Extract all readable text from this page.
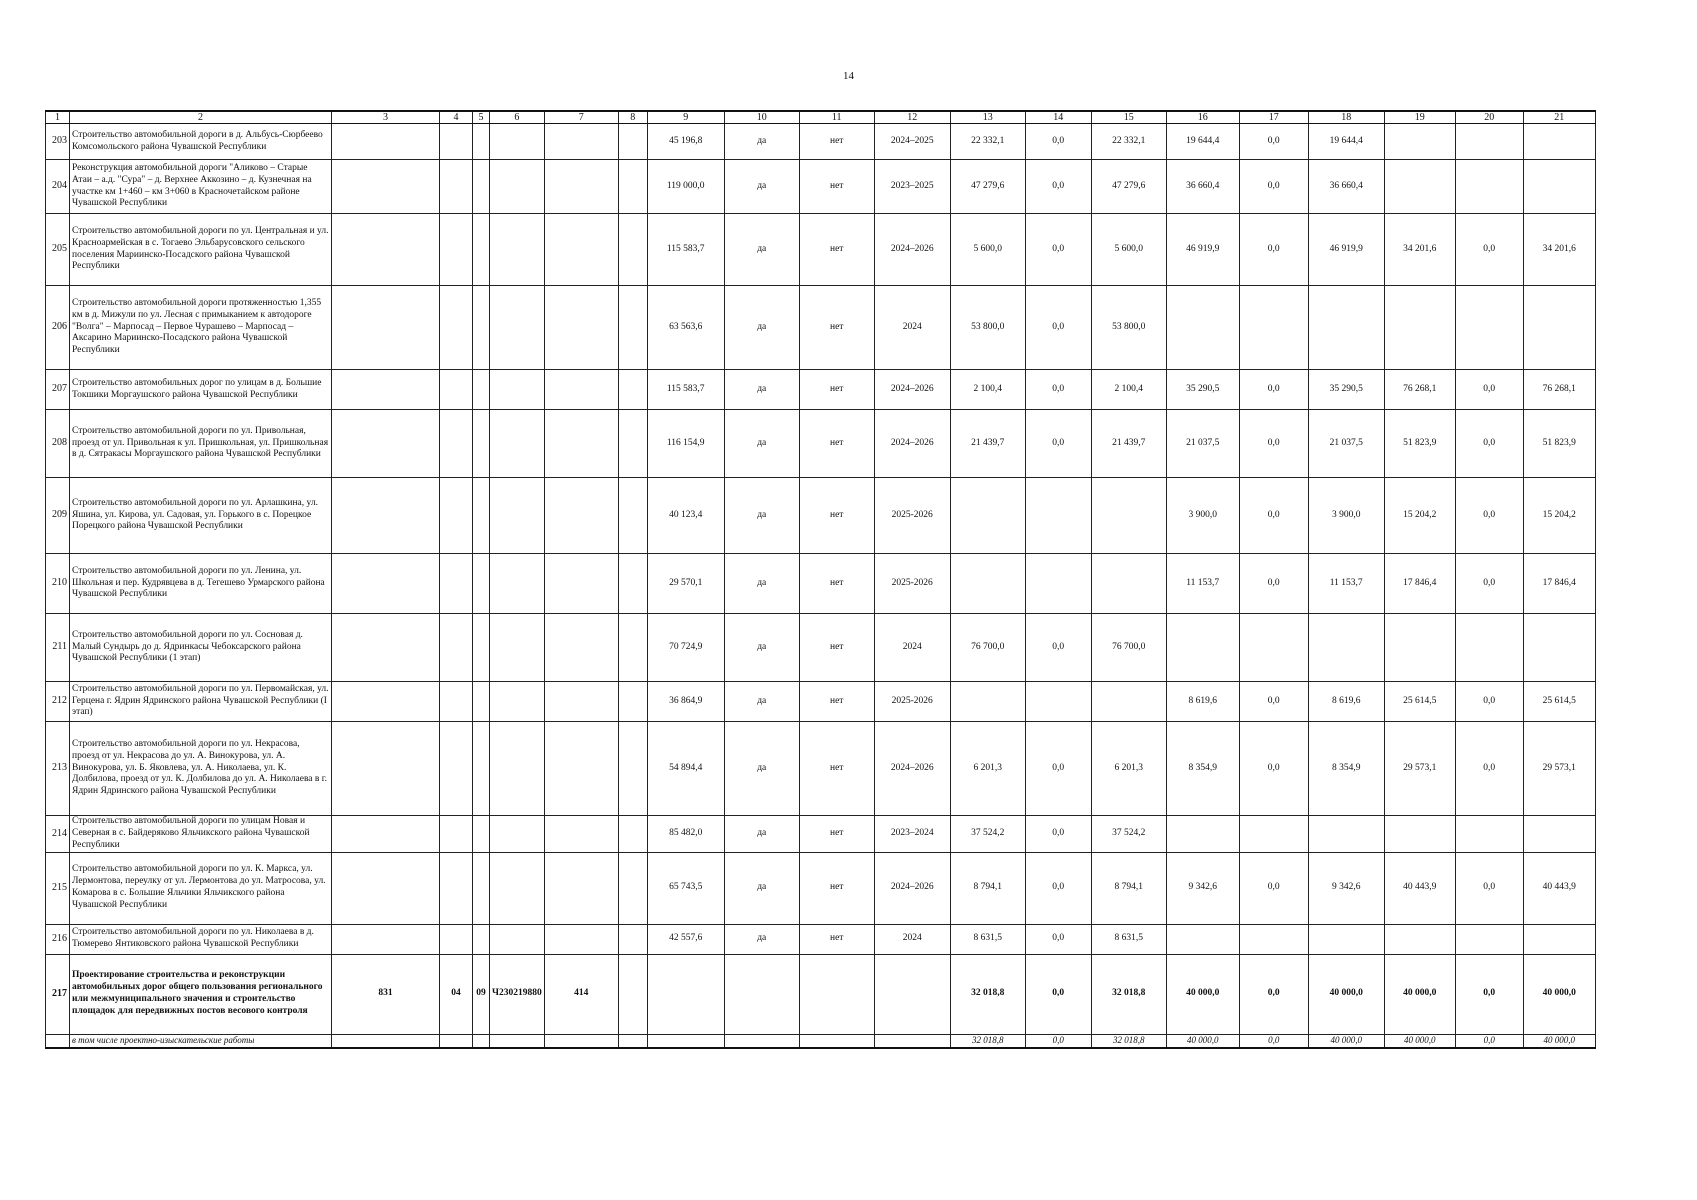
14
1	2	3	4	5	6	7	8	9	10	11	12	13	14	15	16	17	18	19	20	21
203	Строительство автомобильной дороги в д. Альбусь-Сюрбеево Комсомольского района Чувашской Республики							45 196,8	да	нет	2024–2025	22 332,1	0,0	22 332,1	19 644,4	0,0	19 644,4			
204	Реконструкция автомобильной дороги "Аликово – Старые Атаи – а.д. "Сура" – д. Верхнее Аккозино – д. Кузнечная на участке км 1+460 – км 3+060 в Красночетайском районе Чувашской Республики							119 000,0	да	нет	2023–2025	47 279,6	0,0	47 279,6	36 660,4	0,0	36 660,4			
205	Строительство автомобильной дороги по ул. Центральная и ул. Красноармейская в с. Тогаево Эльбарусовского сельского поселения Мариинско-Посадского района Чувашской Республики							115 583,7	да	нет	2024–2026	5 600,0	0,0	5 600,0	46 919,9	0,0	46 919,9	34 201,6	0,0	34 201,6
206	Строительство автомобильной дороги протяженностью 1,355 км в д. Мижули по ул. Лесная с примыканием к автодороге "Волга" – Марпосад – Первое Чурашево – Марпосад – Аксарино Мариинско-Посадского района Чувашской Республики							63 563,6	да	нет	2024	53 800,0	0,0	53 800,0						
207	Строительство автомобильных дорог по улицам в д. Большие Токшики Моргаушского района Чувашской Республики							115 583,7	да	нет	2024–2026	2 100,4	0,0	2 100,4	35 290,5	0,0	35 290,5	76 268,1	0,0	76 268,1
208	Строительство автомобильной дороги по ул. Привольная, проезд от ул. Привольная к ул. Пришкольная, ул. Пришкольная в д. Сятракасы Моргаушского района Чувашской Республики							116 154,9	да	нет	2024–2026	21 439,7	0,0	21 439,7	21 037,5	0,0	21 037,5	51 823,9	0,0	51 823,9
209	Строительство автомобильной дороги по ул. Арлашкина, ул. Яшина, ул. Кирова, ул. Садовая, ул. Горького в с. Порецкое Порецкого района Чувашской Республики							40 123,4	да	нет	2025-2026				3 900,0	0,0	3 900,0	15 204,2	0,0	15 204,2
210	Строительство автомобильной дороги по ул. Ленина, ул. Школьная и пер. Кудрявцева в д. Тегешево Урмарского района Чувашской Республики							29 570,1	да	нет	2025-2026				11 153,7	0,0	11 153,7	17 846,4	0,0	17 846,4
211	Строительство автомобильной дороги по ул. Сосновая д. Малый Сундырь до д. Ядринкасы Чебоксарского района Чувашской Республики (1 этап)							70 724,9	да	нет	2024	76 700,0	0,0	76 700,0						
212	Строительство автомобильной дороги по ул. Первомайская, ул. Герцена г. Ядрин Ядринского района Чувашской Республики (I этап)							36 864,9	да	нет	2025-2026				8 619,6	0,0	8 619,6	25 614,5	0,0	25 614,5
213	Строительство автомобильной дороги по ул. Некрасова, проезд от ул. Некрасова до ул. А. Винокурова, ул. А. Винокурова, ул. Б. Яковлева, ул. А. Николаева, ул. К. Долбилова, проезд от ул. К. Долбилова до ул. А. Николаева в г. Ядрин Ядринского района Чувашской Республики							54 894,4	да	нет	2024–2026	6 201,3	0,0	6 201,3	8 354,9	0,0	8 354,9	29 573,1	0,0	29 573,1
214	Строительство автомобильной дороги по улицам Новая и Северная в с. Байдеряково Яльчикского района Чувашской Республики							85 482,0	да	нет	2023–2024	37 524,2	0,0	37 524,2						
215	Строительство автомобильной дороги по ул. К. Маркса, ул. Лермонтова, переулку от ул. Лермонтова до ул. Матросова, ул. Комарова в с. Большие Яльчики Яльчикского района Чувашской Республики							65 743,5	да	нет	2024–2026	8 794,1	0,0	8 794,1	9 342,6	0,0	9 342,6	40 443,9	0,0	40 443,9
216	Строительство автомобильной дороги по ул. Николаева в д. Тюмерево Янтиковского района Чувашской Республики							42 557,6	да	нет	2024	8 631,5	0,0	8 631,5						
217	Проектирование строительства и реконструкции автомобильных дорог общего пользования регионального или межмуниципального значения и строительство площадок для передвижных постов весового контроля	831	04	09	Ч230219880	414						32 018,8	0,0	32 018,8	40 000,0	0,0	40 000,0	40 000,0	0,0	40 000,0
	в том числе проектно-изыскательские работы											32 018,8	0,0	32 018,8	40 000,0	0,0	40 000,0	40 000,0	0,0	40 000,0
